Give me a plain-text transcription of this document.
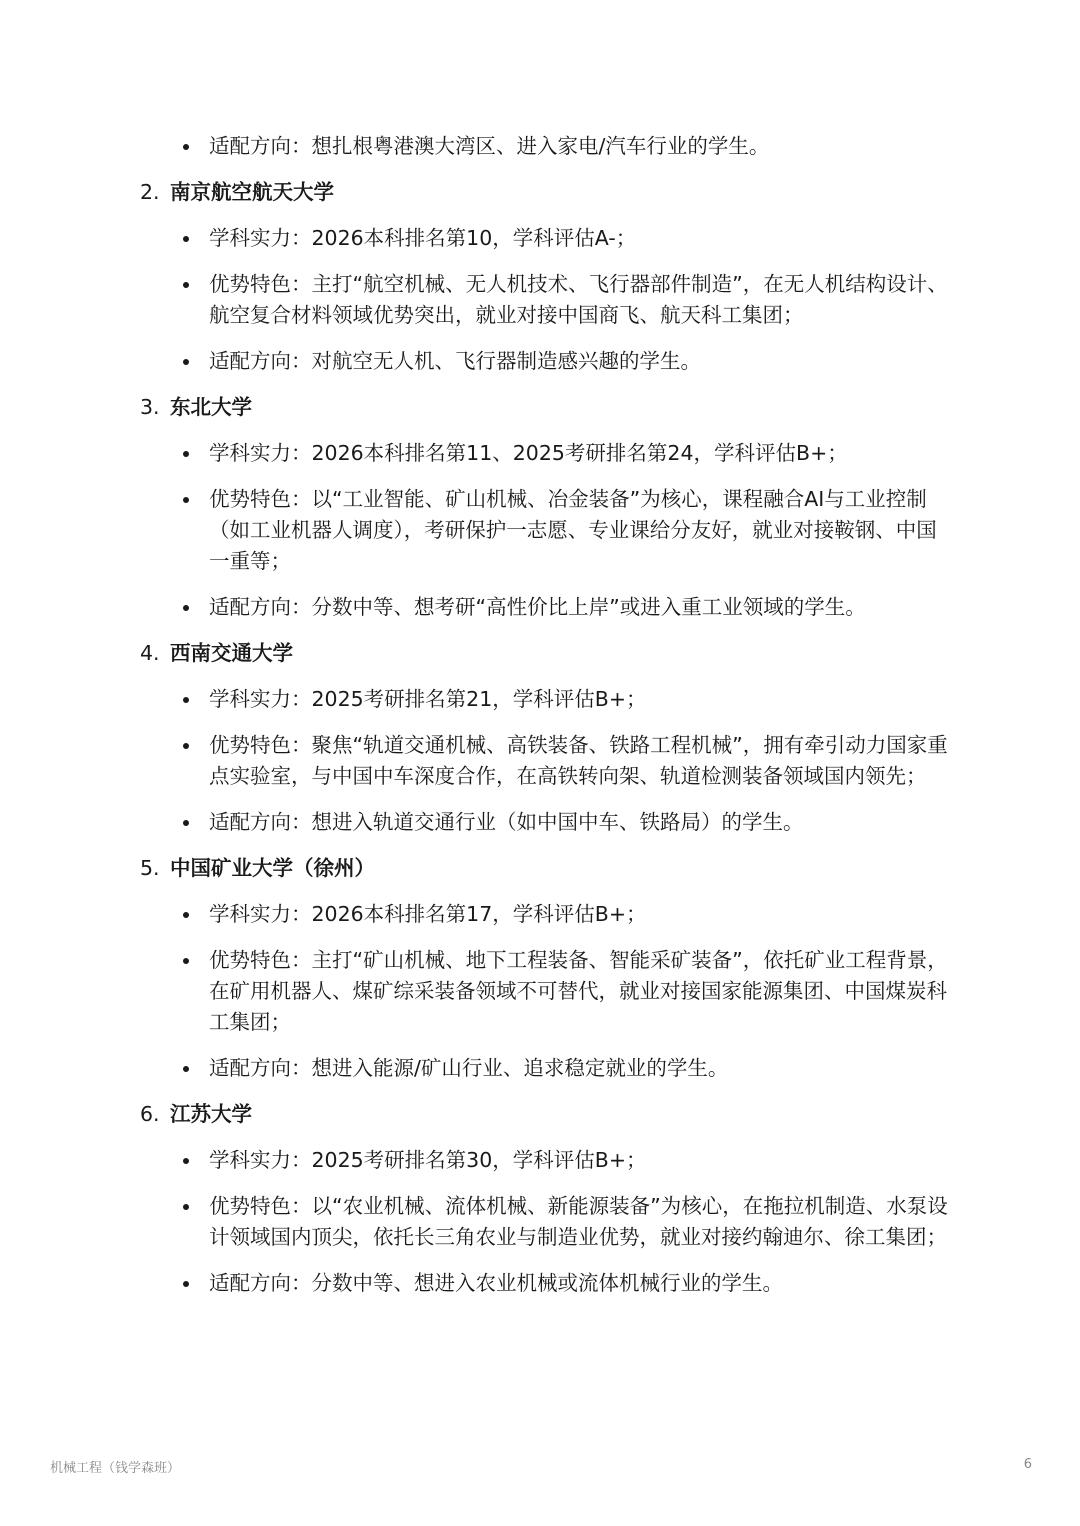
适配方向：想扎根粤港澳大湾区、进入家电/汽车行业的学生。
2. 南京航空航天大学
学科实力：2026本科排名第10，学科评估A-；
优势特色：主打“航空机械、无人机技术、飞行器部件制造”，在无人机结构设计、航空复合材料领域优势突出，就业对接中国商飞、航天科工集团；
适配方向：对航空无人机、飞行器制造感兴趣的学生。
3. 东北大学
学科实力：2026本科排名第11、2025考研排名第24，学科评估B+；
优势特色：以“工业智能、矿山机械、冶金装备”为核心，课程融合AI与工业控制（如工业机器人调度），考研保护一志愿、专业课给分友好，就业对接鞍钢、中国一重等；
适配方向：分数中等、想考研“高性价比上岸”或进入重工业领域的学生。
4. 西南交通大学
学科实力：2025考研排名第21，学科评估B+；
优势特色：聚焦“轨道交通机械、高铁装备、铁路工程机械”，拥有牵引动力国家重点实验室，与中国中车深度合作，在高铁转向架、轨道检测装备领域国内领先；
适配方向：想进入轨道交通行业（如中国中车、铁路局）的学生。
5. 中国矿业大学（徐州）
学科实力：2026本科排名第17，学科评估B+；
优势特色：主打“矿山机械、地下工程装备、智能采矿装备”，依托矿业工程背景，在矿用机器人、煤矿综采装备领域不可替代，就业对接国家能源集团、中国煤炭科工集团；
适配方向：想进入能源/矿山行业、追求稳定就业的学生。
6. 江苏大学
学科实力：2025考研排名第30，学科评估B+；
优势特色：以“农业机械、流体机械、新能源装备”为核心，在拖拉机制造、水泵设计领域国内顶尖，依托长三角农业与制造业优势，就业对接约翰迪尔、徐工集团；
适配方向：分数中等、想进入农业机械或流体机械行业的学生。
机械工程（钱学森班）	6
